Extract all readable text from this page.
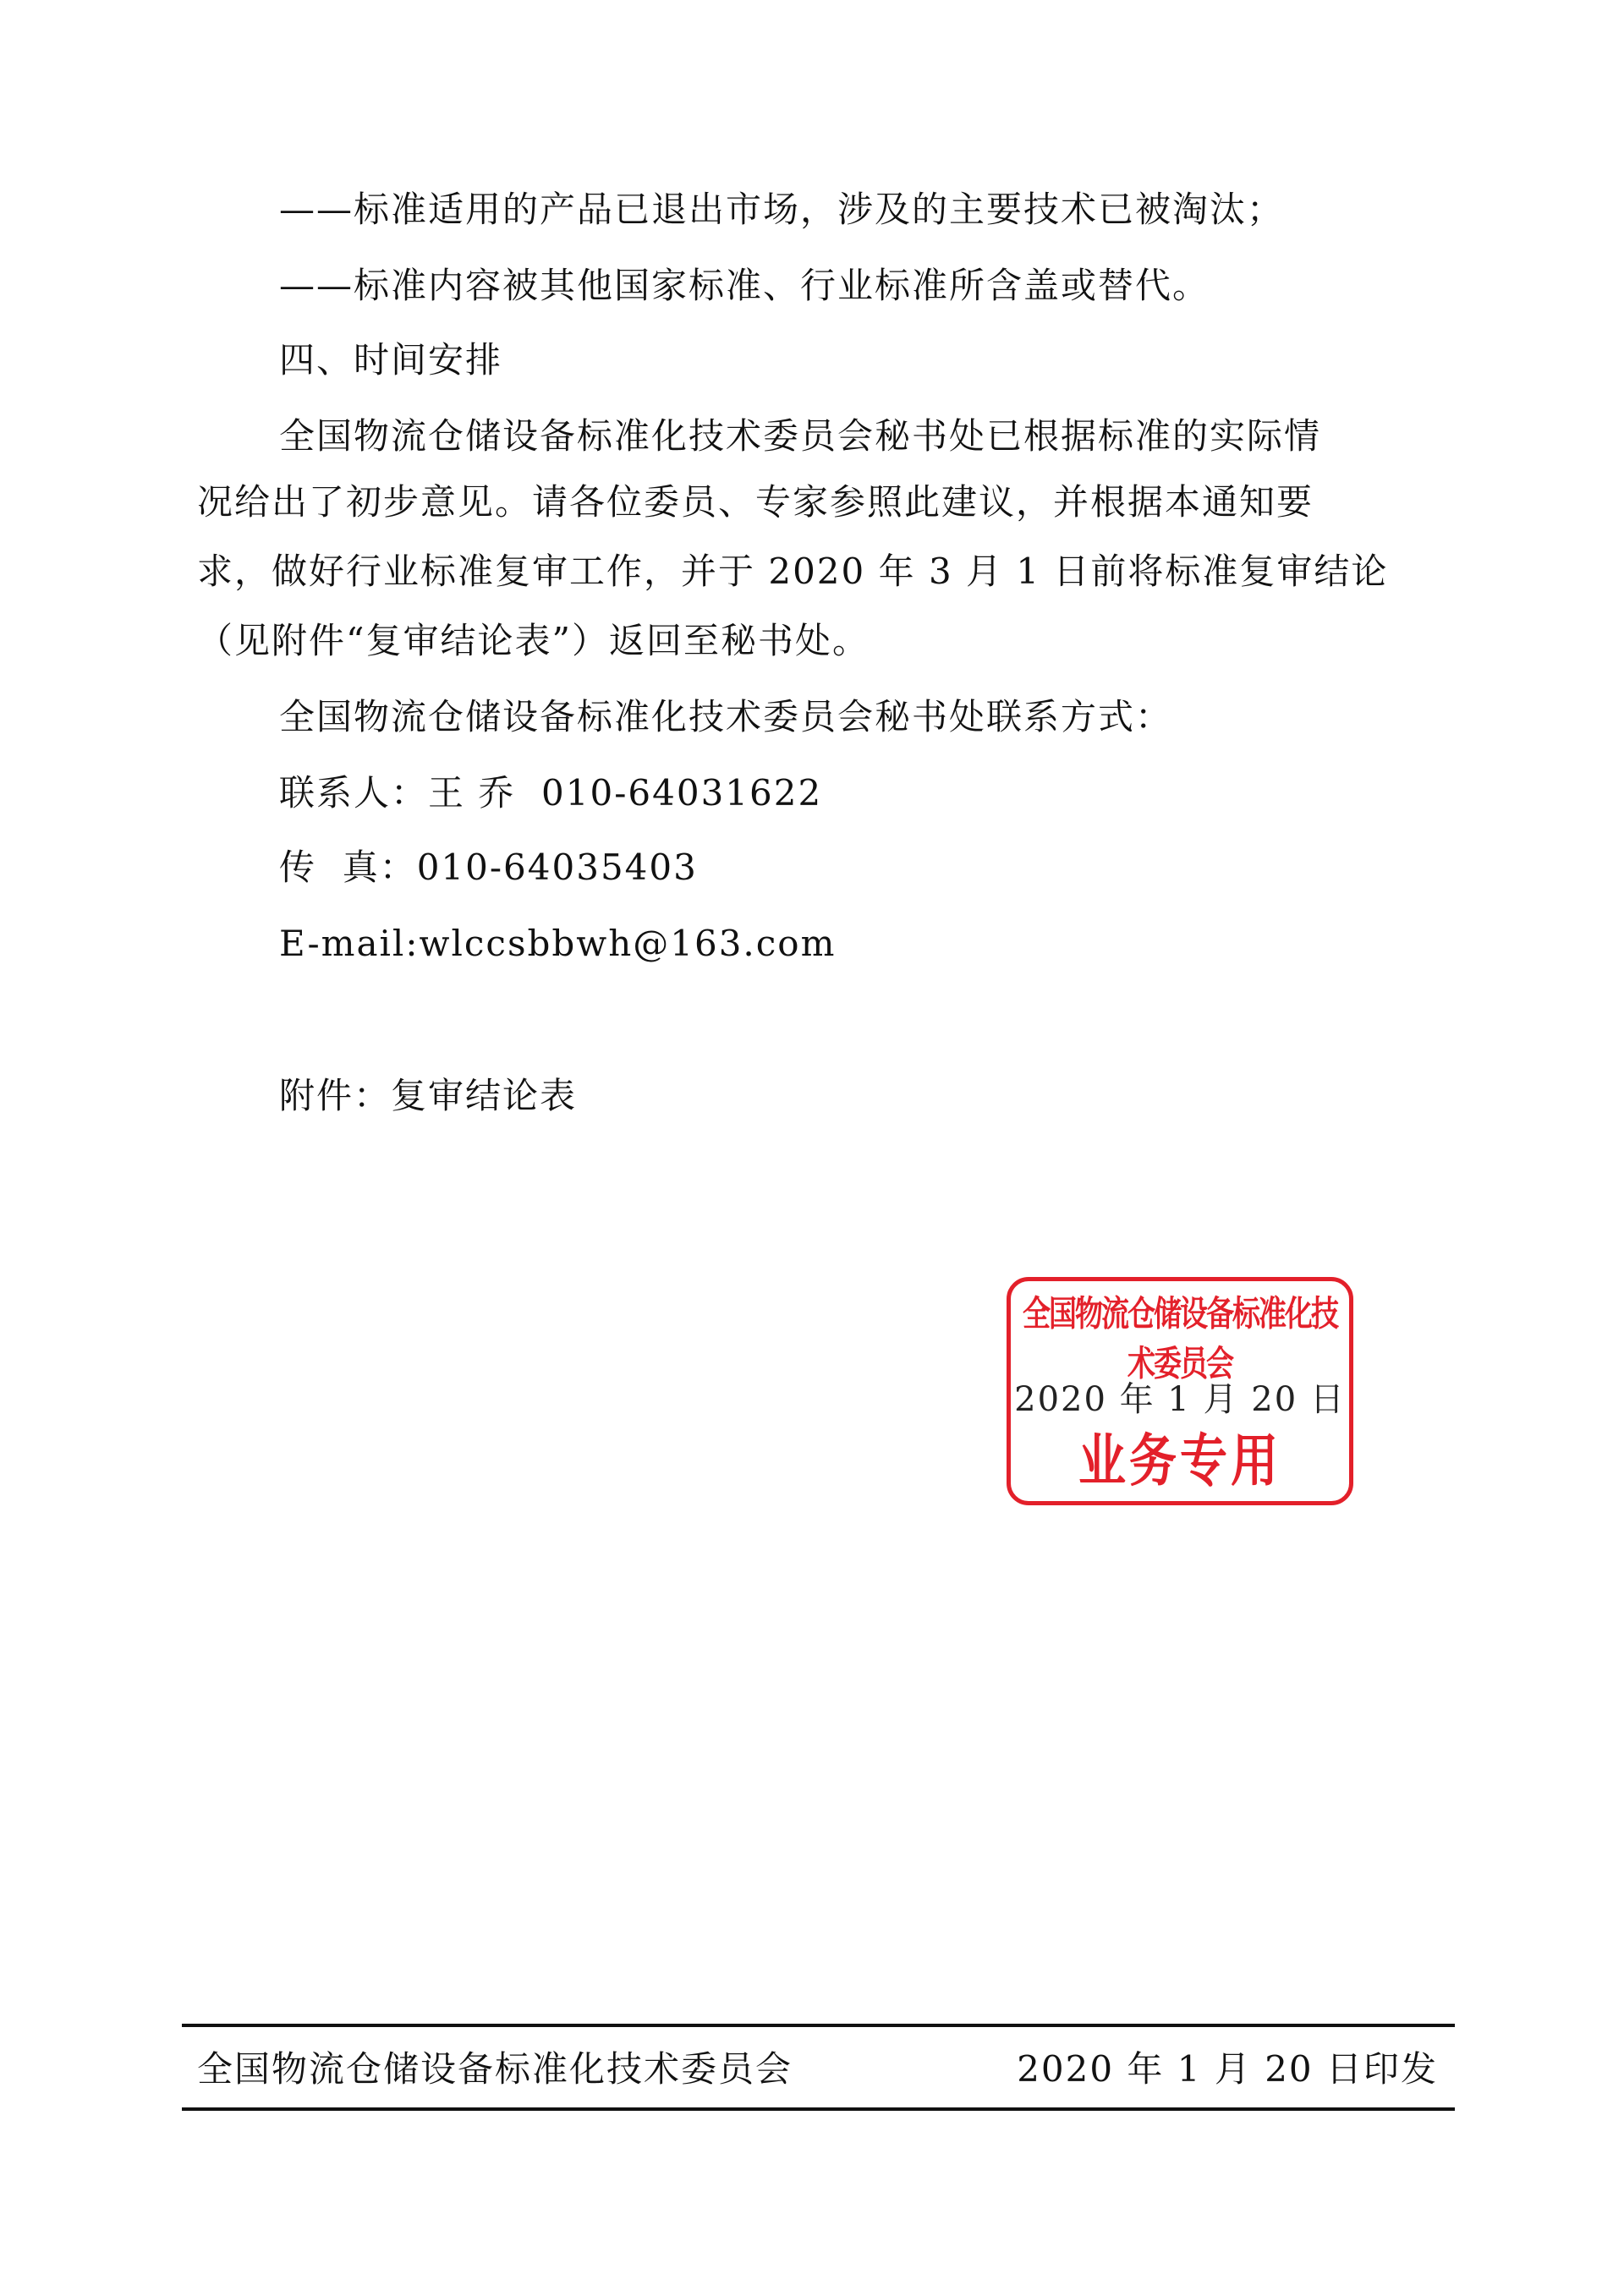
——标准适用的产品已退出市场，涉及的主要技术已被淘汰；
——标准内容被其他国家标准、行业标准所含盖或替代。
四、时间安排
全国物流仓储设备标准化技术委员会秘书处已根据标准的实际情
况给出了初步意见。请各位委员、专家参照此建议，并根据本通知要
求，做好行业标准复审工作，并于 2020 年 3 月 1 日前将标准复审结论
（见附件“复审结论表”）返回至秘书处。
全国物流仓储设备标准化技术委员会秘书处联系方式：
联系人：王 乔  010-64031622
传  真：010-64035403
E-mail:wlccsbbwh@163.com
附件：复审结论表
全国物流仓储设备标准化技术委员会
2020 年 1 月 20 日
业务专用
全国物流仓储设备标准化技术委员会	2020 年 1 月 20 日印发
